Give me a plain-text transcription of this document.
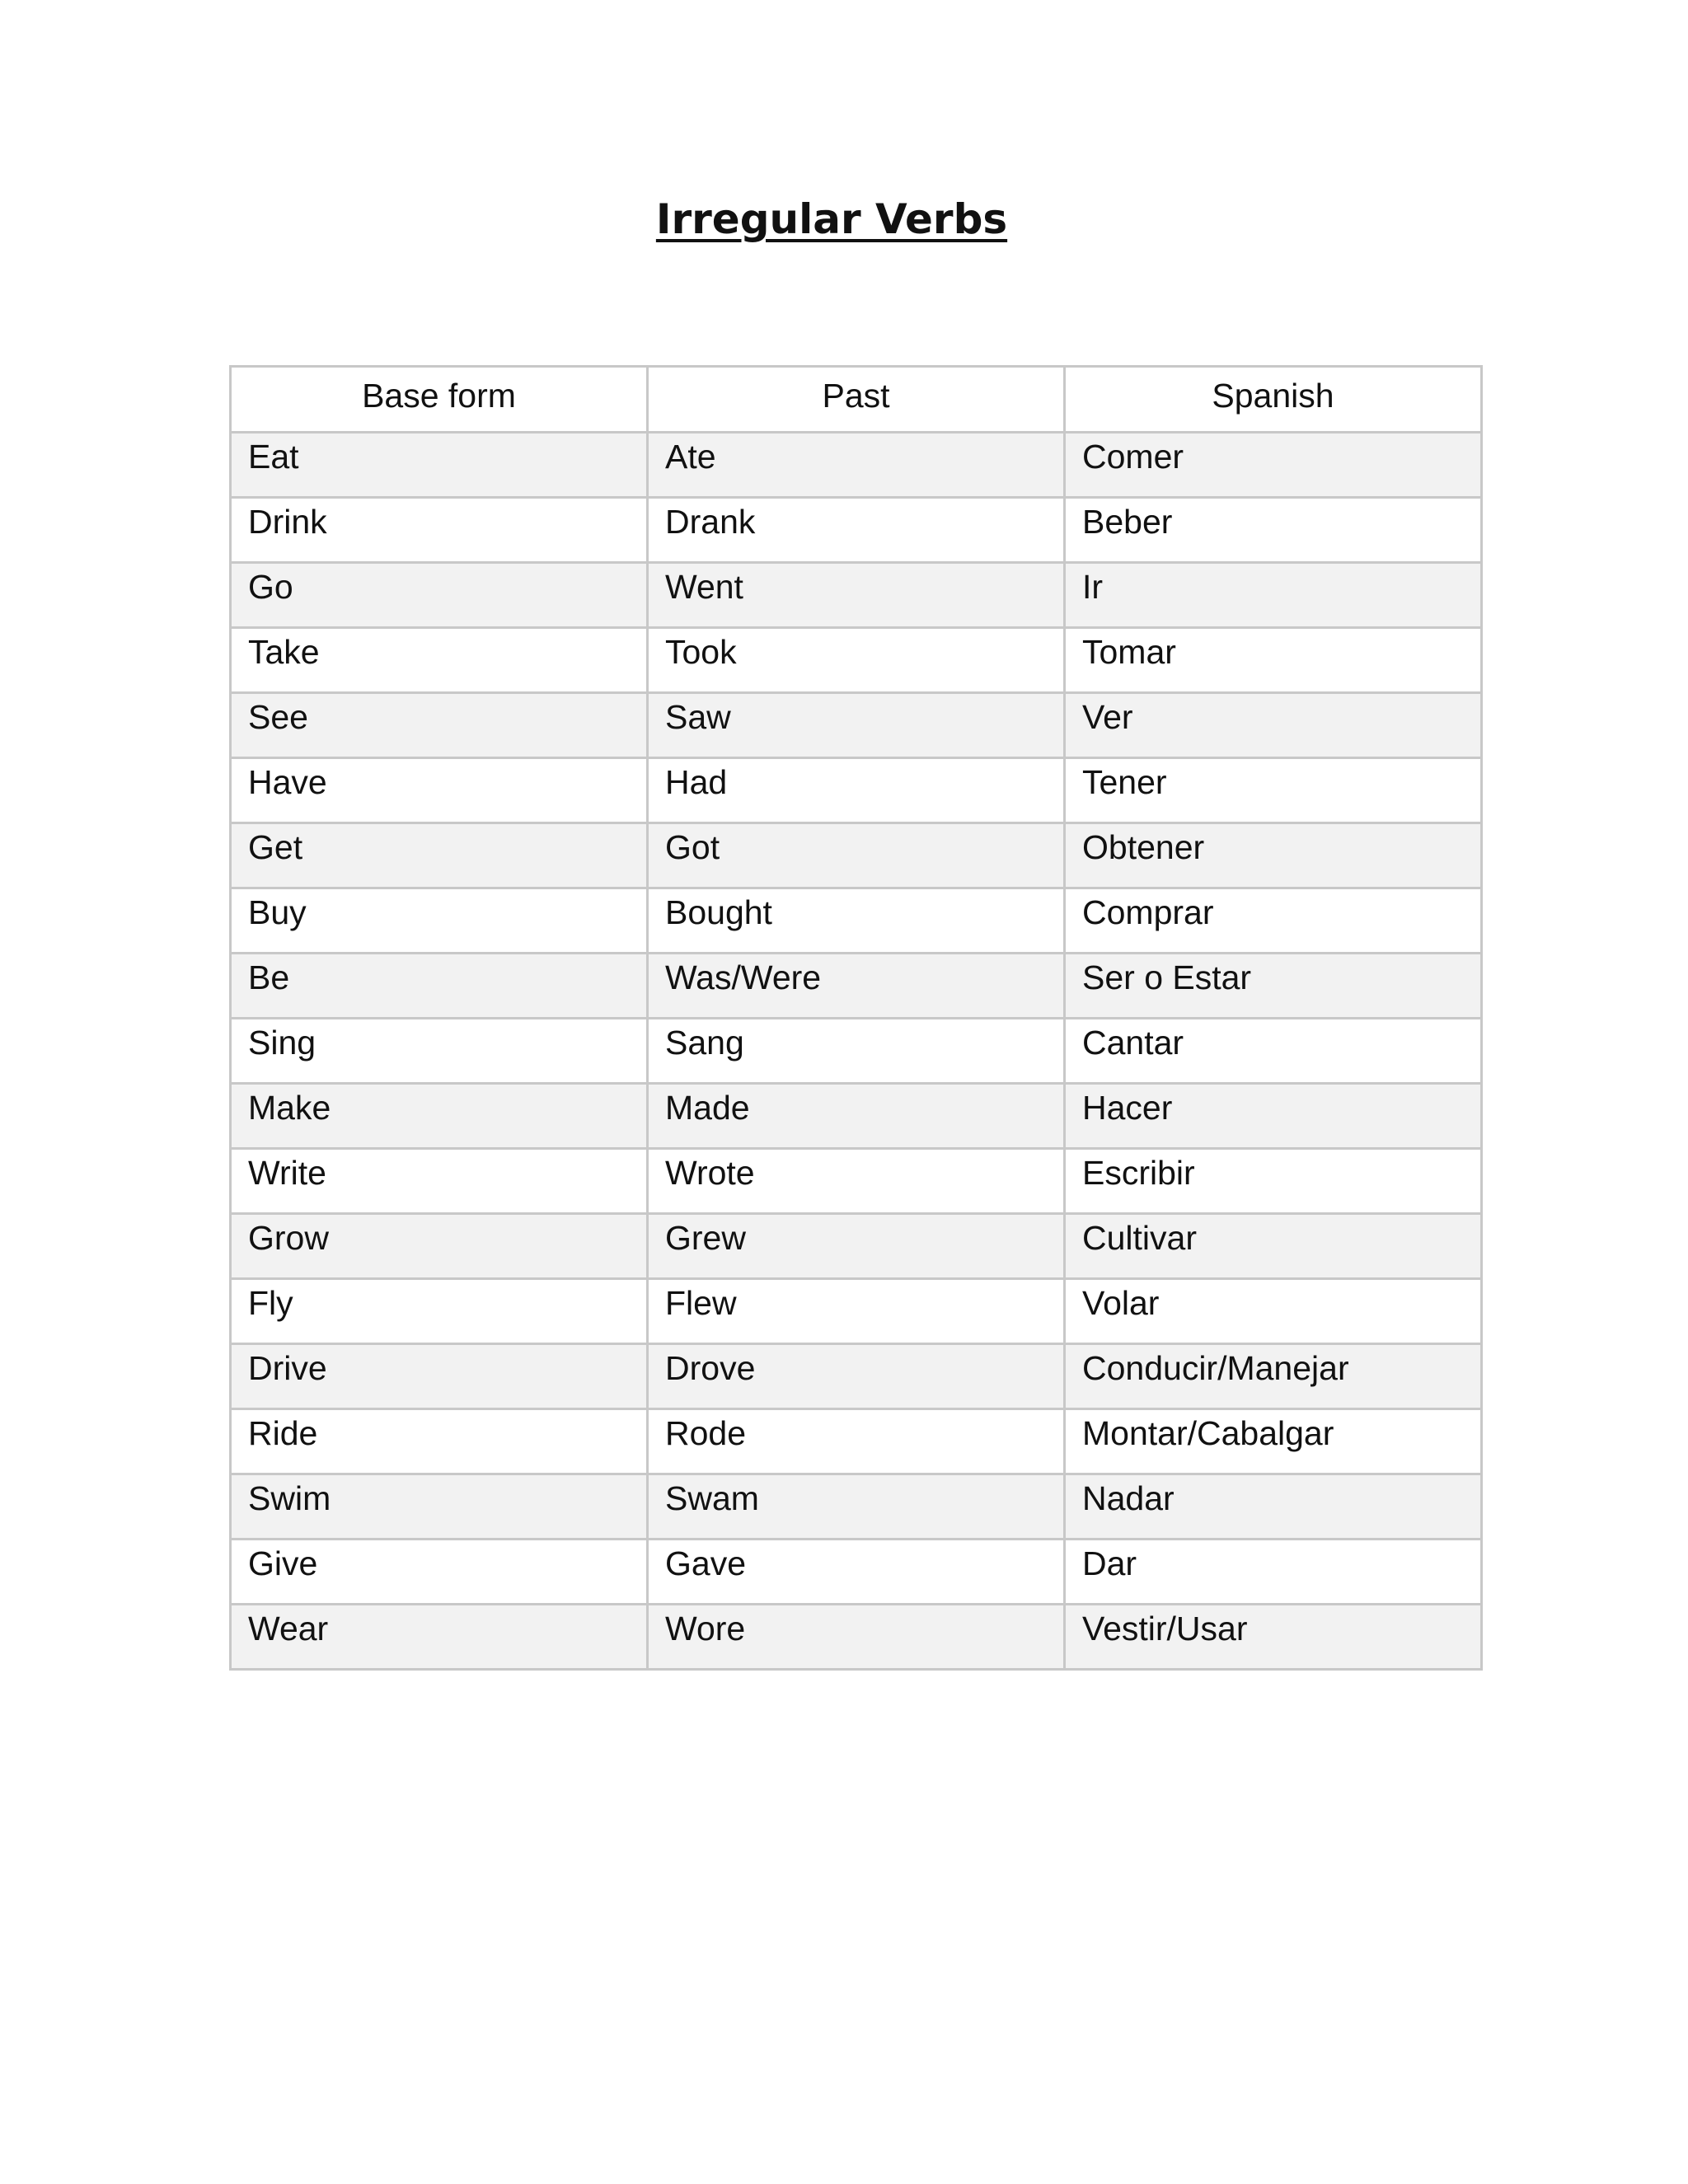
Irregular Verbs
Base form	Past	Spanish
Eat	Ate	Comer
Drink	Drank	Beber
Go	Went	Ir
Take	Took	Tomar
See	Saw	Ver
Have	Had	Tener
Get	Got	Obtener
Buy	Bought	Comprar
Be	Was/Were	Ser o Estar
Sing	Sang	Cantar
Make	Made	Hacer
Write	Wrote	Escribir
Grow	Grew	Cultivar
Fly	Flew	Volar
Drive	Drove	Conducir/Manejar
Ride	Rode	Montar/Cabalgar
Swim	Swam	Nadar
Give	Gave	Dar
Wear	Wore	Vestir/Usar
